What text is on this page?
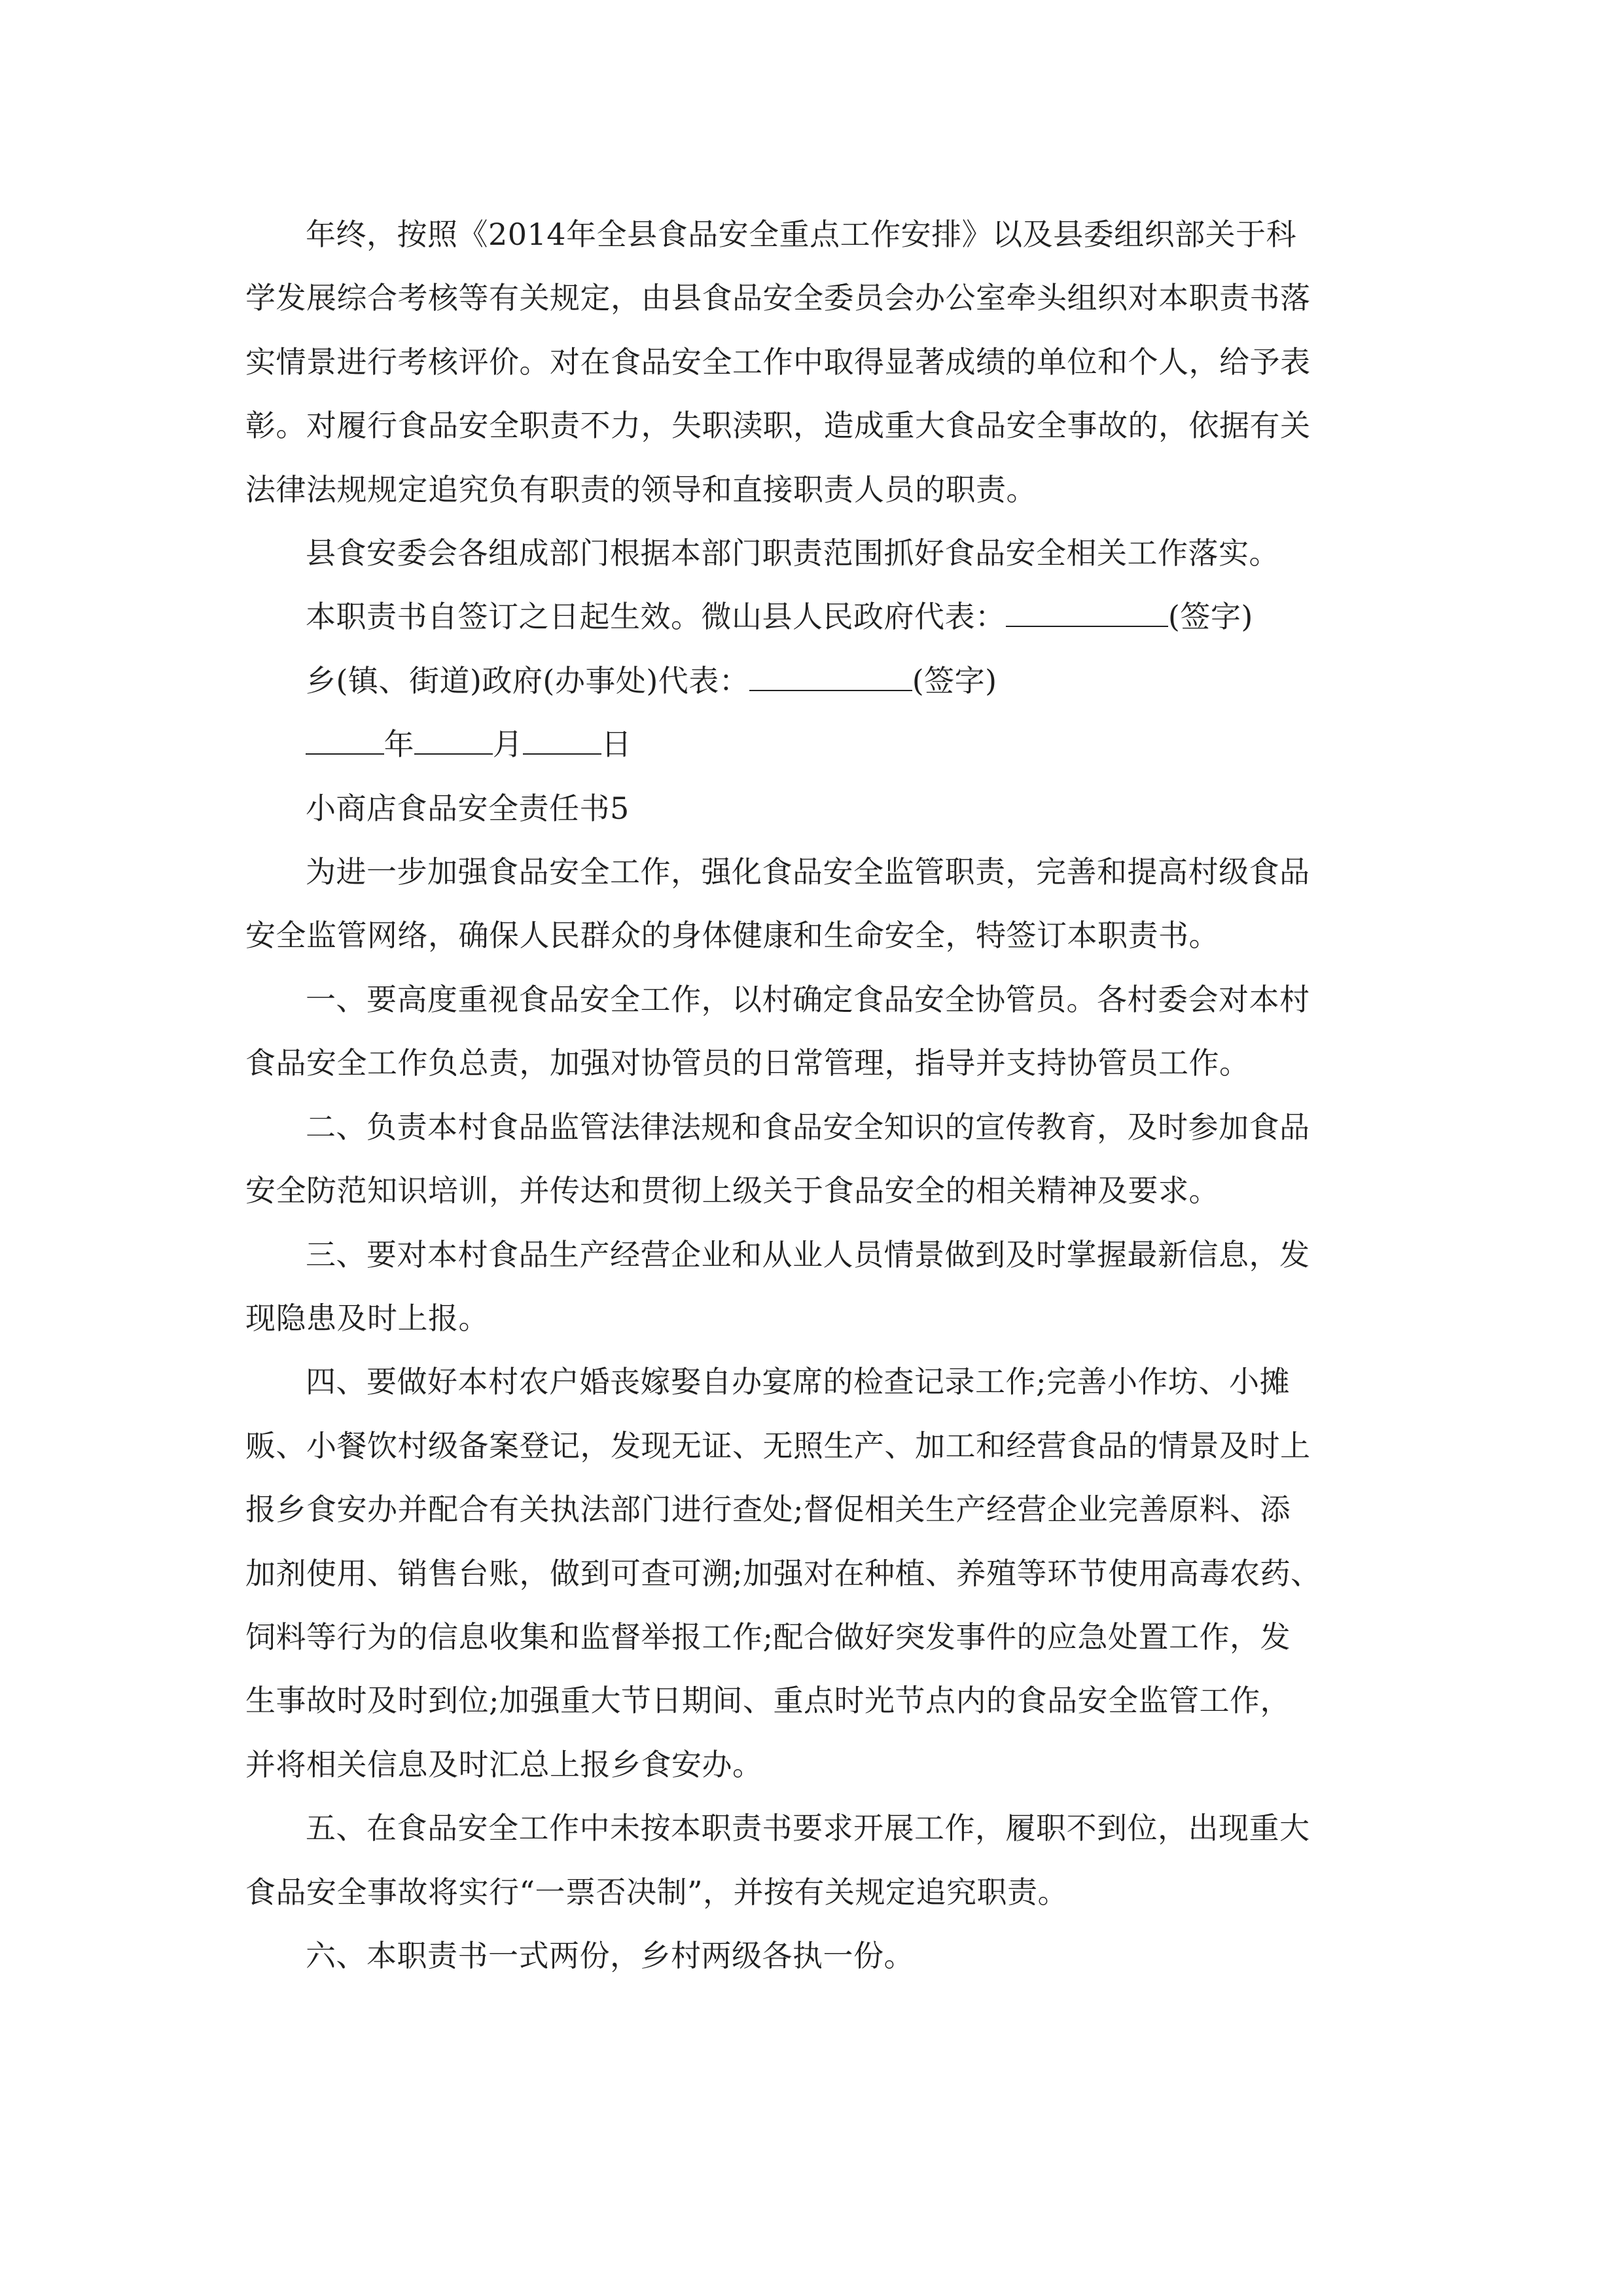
年终，按照《2014年全县食品安全重点工作安排》以及县委组织部关于科
学发展综合考核等有关规定，由县食品安全委员会办公室牵头组织对本职责书落
实情景进行考核评价。对在食品安全工作中取得显著成绩的单位和个人，给予表
彰。对履行食品安全职责不力，失职渎职，造成重大食品安全事故的，依据有关
法律法规规定追究负有职责的领导和直接职责人员的职责。
县食安委会各组成部门根据本部门职责范围抓好食品安全相关工作落实。
本职责书自签订之日起生效。微山县人民政府代表：	(签字)
乡(镇、街道)政府(办事处)代表：	(签字)
年	月	日
小商店食品安全责任书5
为进一步加强食品安全工作，强化食品安全监管职责，完善和提高村级食品
安全监管网络，确保人民群众的身体健康和生命安全，特签订本职责书。
一、要高度重视食品安全工作，以村确定食品安全协管员。各村委会对本村
食品安全工作负总责，加强对协管员的日常管理，指导并支持协管员工作。
二、负责本村食品监管法律法规和食品安全知识的宣传教育，及时参加食品
安全防范知识培训，并传达和贯彻上级关于食品安全的相关精神及要求。
三、要对本村食品生产经营企业和从业人员情景做到及时掌握最新信息，发
现隐患及时上报。
四、要做好本村农户婚丧嫁娶自办宴席的检查记录工作;完善小作坊、小摊
贩、小餐饮村级备案登记，发现无证、无照生产、加工和经营食品的情景及时上
报乡食安办并配合有关执法部门进行查处;督促相关生产经营企业完善原料、添
加剂使用、销售台账，做到可查可溯;加强对在种植、养殖等环节使用高毒农药、
饲料等行为的信息收集和监督举报工作;配合做好突发事件的应急处置工作，发
生事故时及时到位;加强重大节日期间、重点时光节点内的食品安全监管工作，
并将相关信息及时汇总上报乡食安办。
五、在食品安全工作中未按本职责书要求开展工作，履职不到位，出现重大
食品安全事故将实行“一票否决制”，并按有关规定追究职责。
六、本职责书一式两份，乡村两级各执一份。
